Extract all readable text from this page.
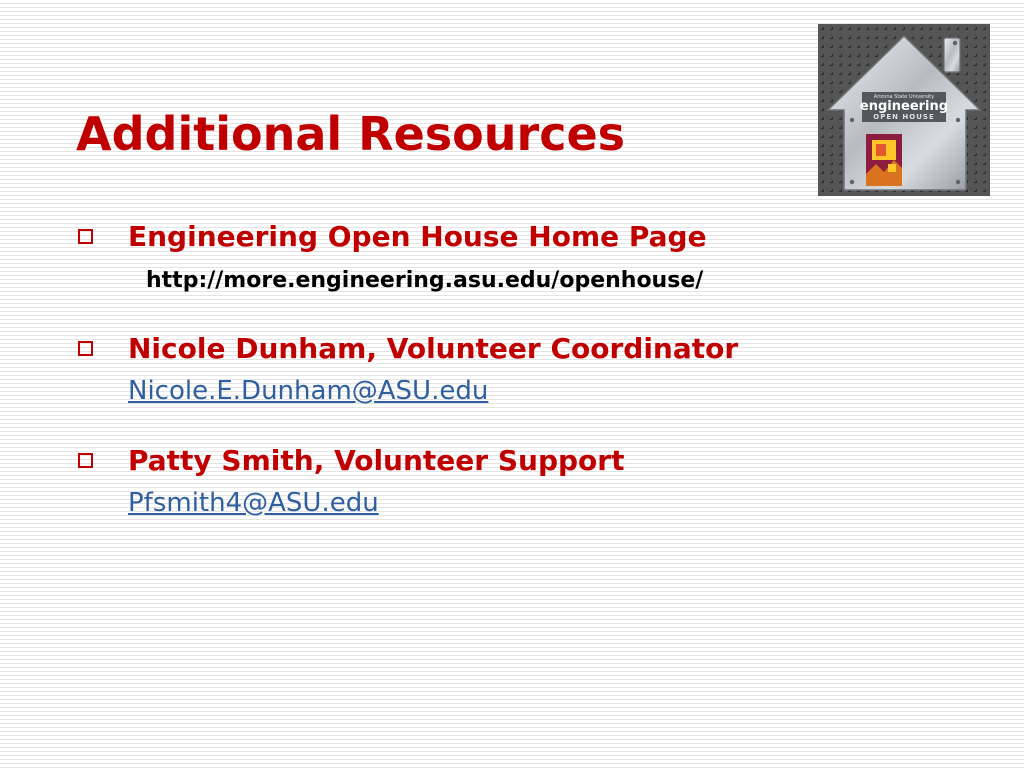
Additional Resources
Arizona State University
engineering
OPEN HOUSE
Engineering Open House Home Page
http://more.engineering.asu.edu/openhouse/
Nicole Dunham, Volunteer Coordinator
Nicole.E.Dunham@ASU.edu
Patty Smith, Volunteer Support
Pfsmith4@ASU.edu
